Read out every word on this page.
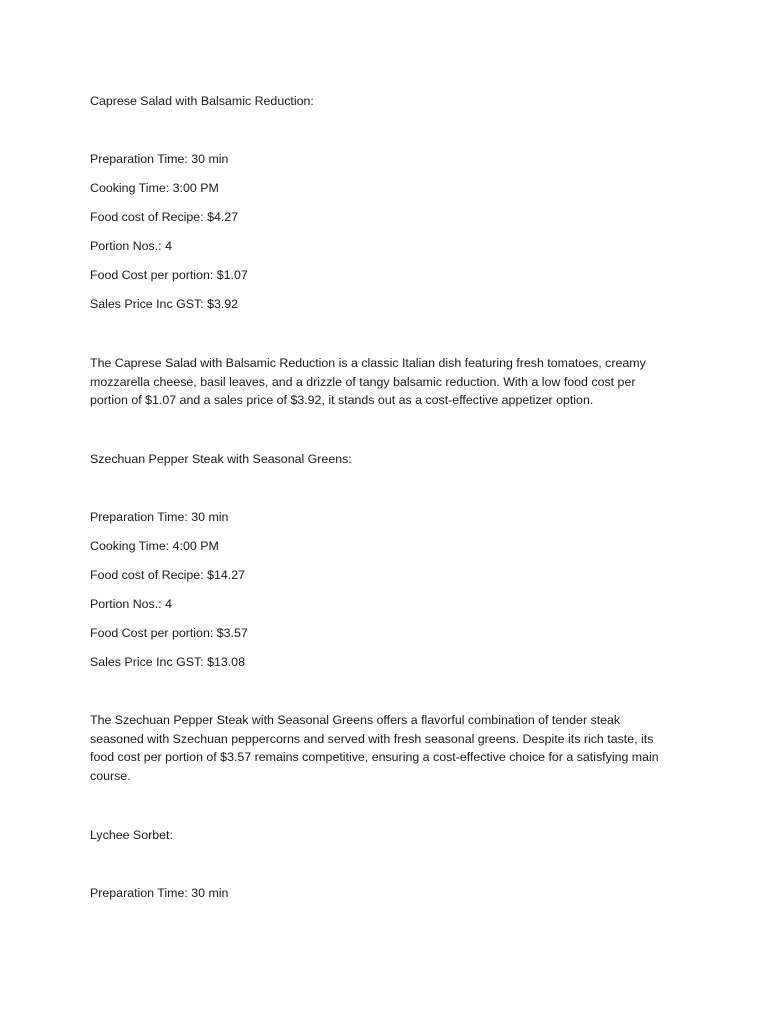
Caprese Salad with Balsamic Reduction:
Preparation Time: 30 min
Cooking Time: 3:00 PM
Food cost of Recipe: $4.27
Portion Nos.: 4
Food Cost per portion: $1.07
Sales Price Inc GST: $3.92

The Caprese Salad with Balsamic Reduction is a classic Italian dish featuring fresh tomatoes, creamy

mozzarella cheese, basil leaves, and a drizzle of tangy balsamic reduction. With a low food cost per

portion of $1.07 and a sales price of $3.92, it stands out as a cost-effective appetizer option.

Szechuan Pepper Steak with Seasonal Greens:
Preparation Time: 30 min
Cooking Time: 4:00 PM
Food cost of Recipe: $14.27
Portion Nos.: 4
Food Cost per portion: $3.57
Sales Price Inc GST: $13.08

The Szechuan Pepper Steak with Seasonal Greens offers a flavorful combination of tender steak

seasoned with Szechuan peppercorns and served with fresh seasonal greens. Despite its rich taste, its

food cost per portion of $3.57 remains competitive, ensuring a cost-effective choice for a satisfying main

course.

Lychee Sorbet:
Preparation Time: 30 min
